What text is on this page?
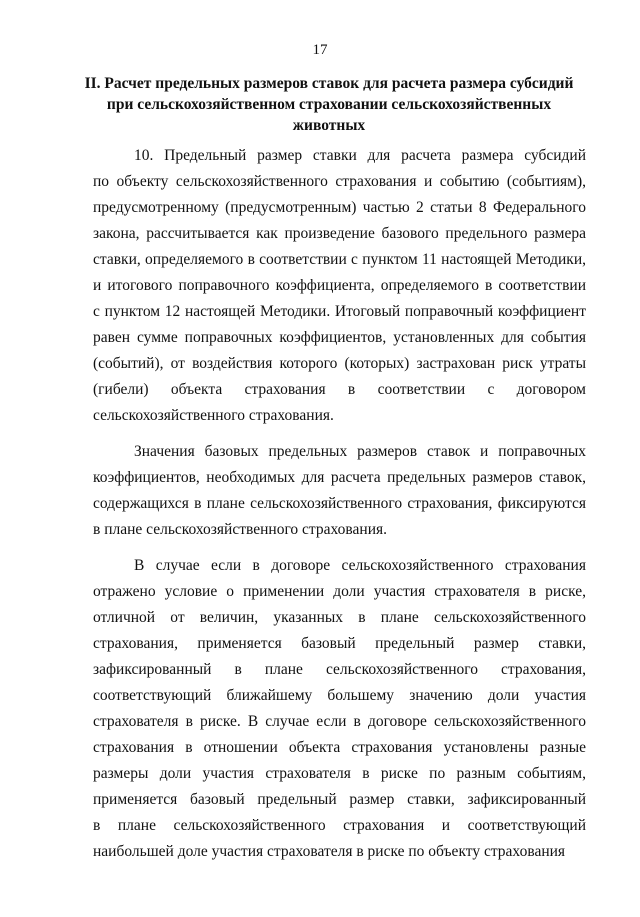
17
II. Расчет предельных размеров ставок для расчета размера субсидий
при сельскохозяйственном страховании сельскохозяйственных
животных
10. Предельный размер ставки для расчета размера субсидий
по объекту сельскохозяйственного страхования и событию (событиям),
предусмотренному (предусмотренным) частью 2 статьи 8 Федерального
закона, рассчитывается как произведение базового предельного размера
ставки, определяемого в соответствии с пунктом 11 настоящей Методики,
и итогового поправочного коэффициента, определяемого в соответствии
с пунктом 12 настоящей Методики. Итоговый поправочный коэффициент
равен сумме поправочных коэффициентов, установленных для события
(событий), от воздействия которого (которых) застрахован риск утраты
(гибели) объекта страхования в соответствии с договором
сельскохозяйственного страхования.
Значения базовых предельных размеров ставок и поправочных
коэффициентов, необходимых для расчета предельных размеров ставок,
содержащихся в плане сельскохозяйственного страхования, фиксируются
в плане сельскохозяйственного страхования.
В случае если в договоре сельскохозяйственного страхования
отражено условие о применении доли участия страхователя в риске,
отличной от величин, указанных в плане сельскохозяйственного
страхования, применяется базовый предельный размер ставки,
зафиксированный в плане сельскохозяйственного страхования,
соответствующий ближайшему большему значению доли участия
страхователя в риске. В случае если в договоре сельскохозяйственного
страхования в отношении объекта страхования установлены разные
размеры доли участия страхователя в риске по разным событиям,
применяется базовый предельный размер ставки, зафиксированный
в плане сельскохозяйственного страхования и соответствующий
наибольшей доле участия страхователя в риске по объекту страхования
